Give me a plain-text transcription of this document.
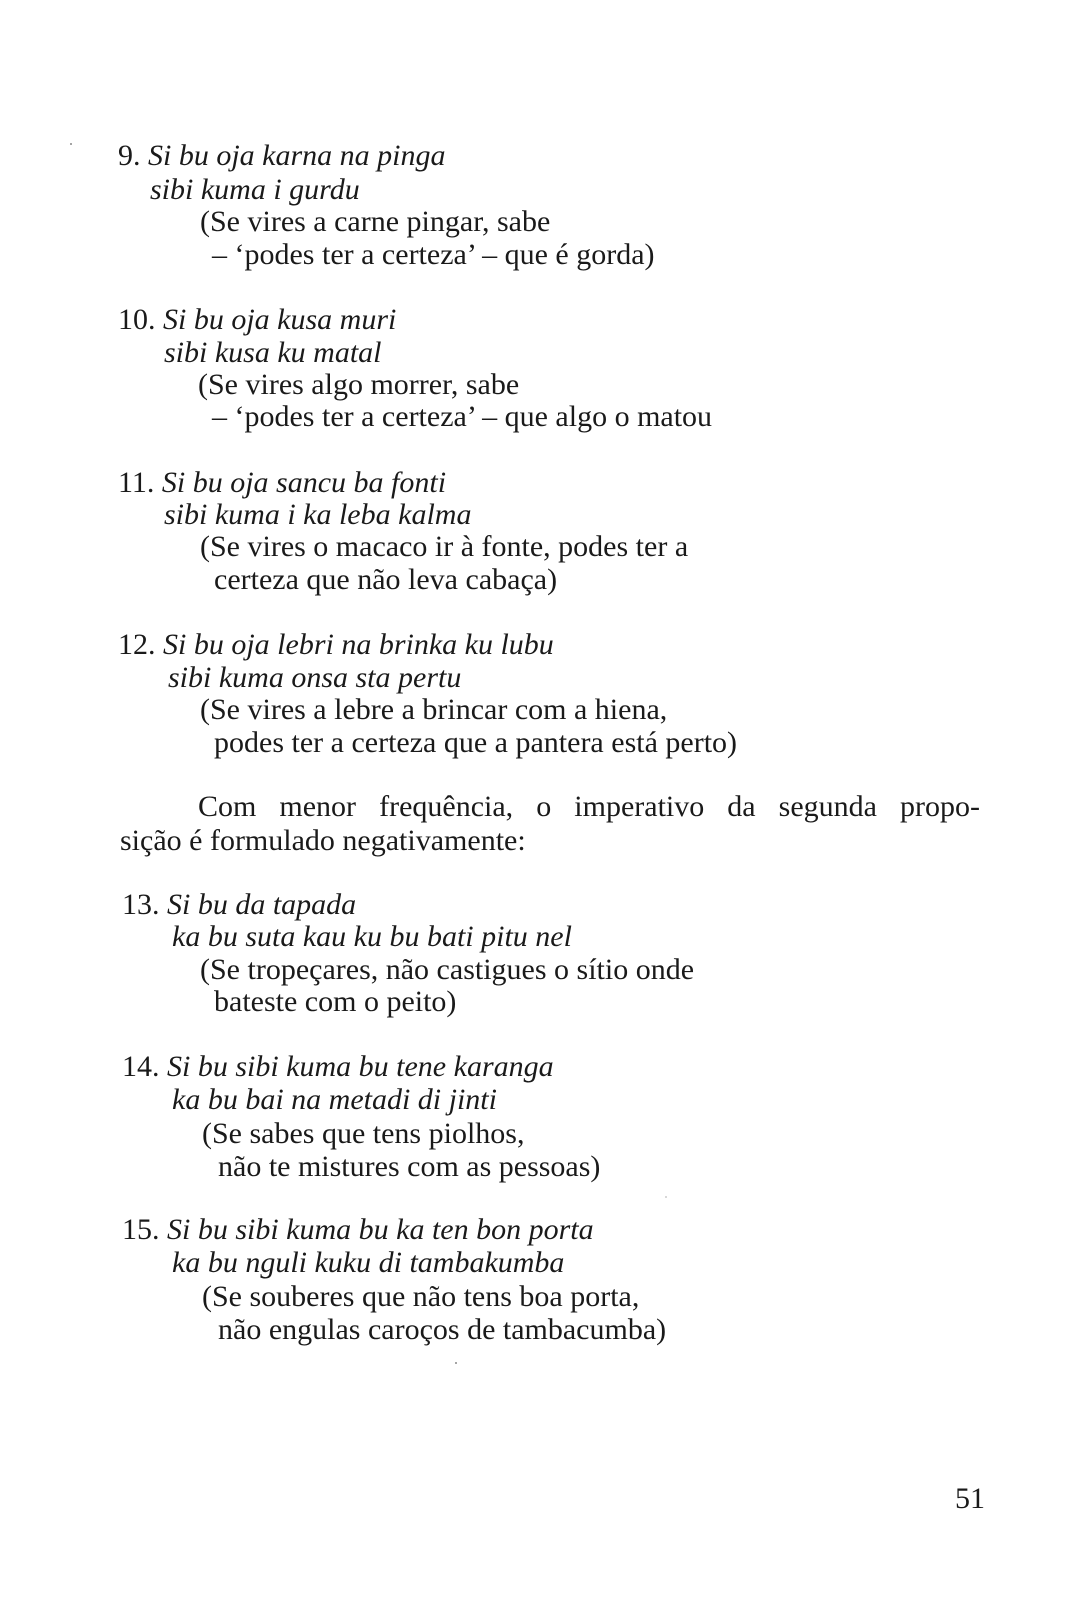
9. Si bu oja karna na pinga
sibi kuma i gurdu
(Se vires a carne pingar, sabe
– ‘podes ter a certeza’ – que é gorda)
10. Si bu oja kusa muri
sibi kusa ku matal
(Se vires algo morrer, sabe
– ‘podes ter a certeza’ – que algo o matou
11. Si bu oja sancu ba fonti
sibi kuma i ka leba kalma
(Se vires o macaco ir à fonte, podes ter a
certeza que não leva cabaça)
12. Si bu oja lebri na brinka ku lubu
sibi kuma onsa sta pertu
(Se vires a lebre a brincar com a hiena,
podes ter a certeza que a pantera está perto)
Com menor frequência, o imperativo da segunda propo-
sição é formulado negativamente:
13. Si bu da tapada
ka bu suta kau ku bu bati pitu nel
(Se tropeçares, não castigues o sítio onde
bateste com o peito)
14. Si bu sibi kuma bu tene karanga
ka bu bai na metadi di jinti
(Se sabes que tens piolhos,
não te mistures com as pessoas)
15. Si bu sibi kuma bu ka ten bon porta
ka bu nguli kuku di tambakumba
(Se souberes que não tens boa porta,
não engulas caroços de tambacumba)
51
